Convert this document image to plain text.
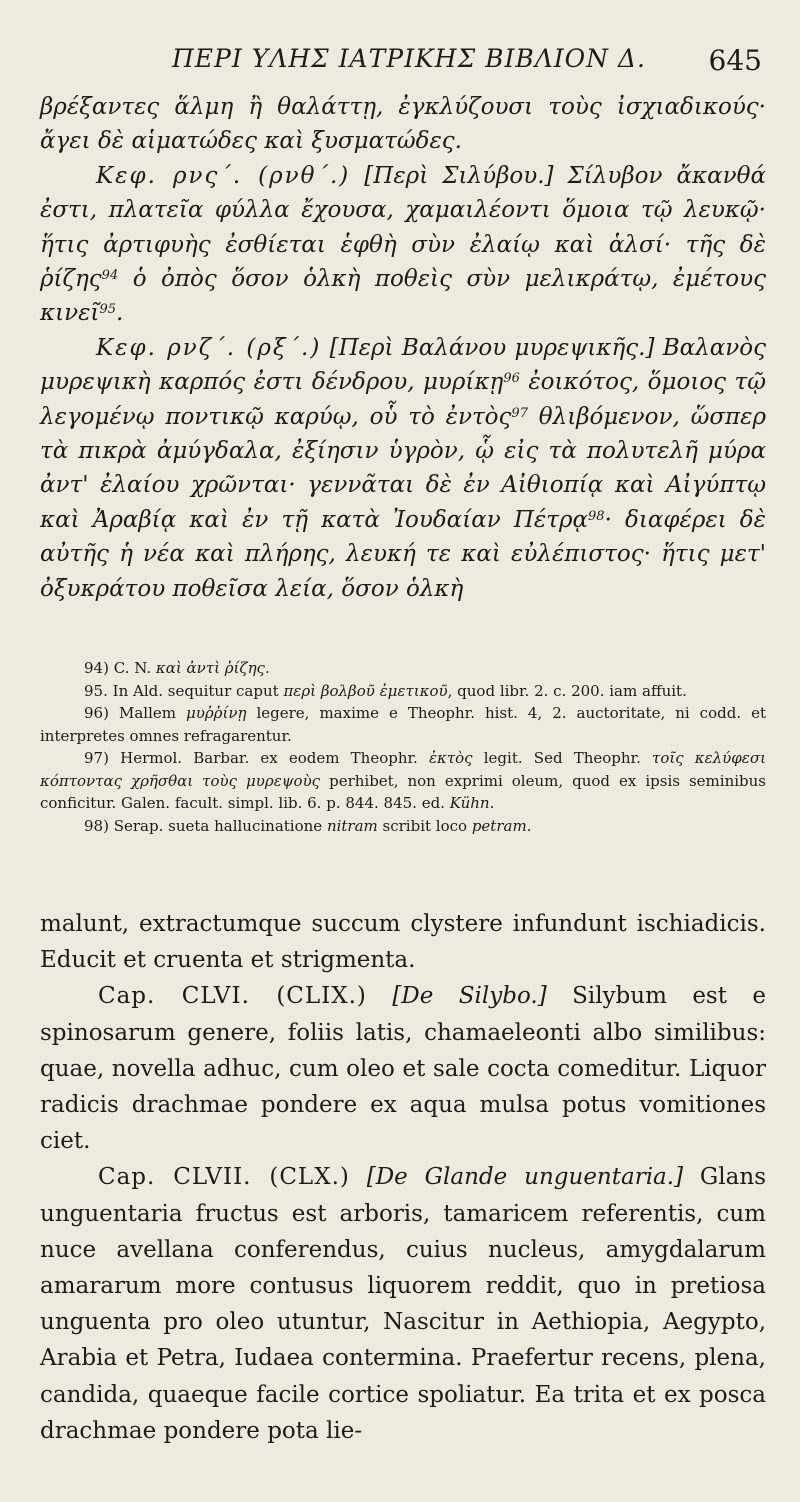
ΠΕΡΙ ΥΛΗΣ ΙΑΤΡΙΚΗΣ ΒΙΒΛΙΟΝ Δ. 645

βρέξαντες ἅλμη ἢ θαλάττῃ, ἐγκλύζουσι τοὺς ἰσχιαδικούς· ἄγει δὲ αἱματώδες καὶ ξυσματώδες.

Κεφ. ρνς΄. (ρνθ΄.) [Περὶ Σιλύβου.] Σίλυβον ἄκανθά ἐστι, πλατεῖα φύλλα ἔχουσα, χαμαιλέοντι ὅμοια τῷ λευκῷ· ἥτις ἀρτιφυὴς ἐσθίεται ἑφθὴ σὺν ἐλαίῳ καὶ ἁλσί· τῆς δὲ ῥίζης$^{94}$ ὁ ὀπὸς ὅσον ὁλκὴ ποθεὶς σὺν μελικράτῳ, ἐμέτους κινεῖ$^{95}$.

Κεφ. ρνζ΄. (ρξ΄.) [Περὶ Βαλάνου μυρεψικῆς.] Βαλανὸς μυρεψικὴ καρπός ἐστι δένδρου, μυρίκῃ$^{96}$ ἐοικότος, ὅμοιος τῷ λεγομένῳ ποντικῷ καρύῳ, οὗ τὸ ἐντὸς$^{97}$ θλιβόμενον, ὥσπερ τὰ πικρὰ ἀμύγδαλα, ἐξίησιν ὑγρὸν, ᾧ εἰς τὰ πολυτελῆ μύρα ἀντ' ἐλαίου χρῶνται· γεννᾶται δὲ ἐν Αἰθιοπίᾳ καὶ Αἰγύπτῳ καὶ Ἀραβίᾳ καὶ ἐν τῇ κατὰ Ἰουδαίαν Πέτρᾳ$^{98}$· διαφέρει δὲ αὐτῆς ἡ νέα καὶ πλήρης, λευκή τε καὶ εὐλέπιστος· ἥτις μετ' ὀξυκράτου ποθεῖσα λεία, ὅσον ὁλκὴ

94) C. N. καὶ ἀντὶ ῥίζης.

95. In Ald. sequitur caput περὶ βολβοῦ ἐμετικοῦ, quod libr. 2. c. 200. iam affuit.

96) Mallem μυῤῥίνῃ legere, maxime e Theophr. hist. 4, 2. auctoritate, ni codd. et interpretes omnes refragarentur.

97) Hermol. Barbar. ex eodem Theophr. ἐκτὸς legit. Sed Theophr. τοῖς κελύφεσι κόπτοντας χρῆσθαι τοὺς μυρεψοὺς perhibet, non exprimi oleum, quod ex ipsis seminibus conficitur. Galen. facult. simpl. lib. 6. p. 844. 845. ed. Kühn.

98) Serap. sueta hallucinatione nitram scribit loco petram.

malunt, extractumque succum clystere infundunt ischiadicis. Educit et cruenta et strigmenta.

Cap. CLVI. (CLIX.) [De Silybo.] Silybum est e spinosarum genere, foliis latis, chamaeleonti albo similibus: quae, novella adhuc, cum oleo et sale cocta comeditur. Liquor radicis drachmae pondere ex aqua mulsa potus vomitiones ciet.

Cap. CLVII. (CLX.) [De Glande unguentaria.] Glans unguentaria fructus est arboris, tamaricem referentis, cum nuce avellana conferendus, cuius nucleus, amygdalarum amararum more contusus liquorem reddit, quo in pretiosa unguenta pro oleo utuntur, Nascitur in Aethiopia, Aegypto, Arabia et Petra, Iudaea contermina. Praefertur recens, plena, candida, quaeque facile cortice spoliatur. Ea trita et ex posca drachmae pondere pota lie-
